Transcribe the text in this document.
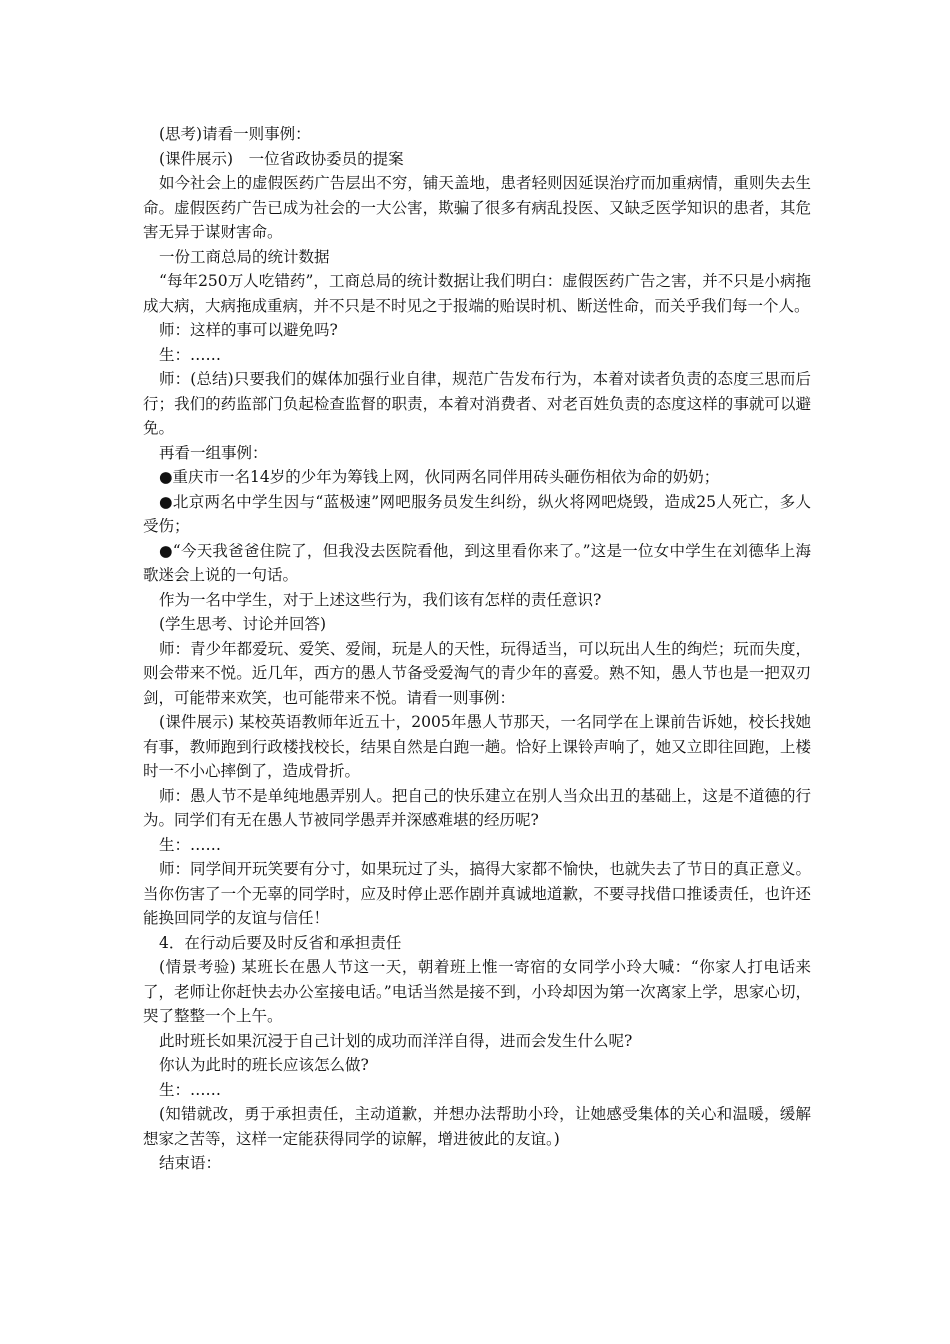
(思考)请看一则事例：

(课件展示)　一位省政协委员的提案

如今社会上的虚假医药广告层出不穷，铺天盖地，患者轻则因延误治疗而加重病情，重则失去生命。虚假医药广告已成为社会的一大公害，欺骗了很多有病乱投医、又缺乏医学知识的患者，其危害无异于谋财害命。

一份工商总局的统计数据

“每年250万人吃错药”，工商总局的统计数据让我们明白：虚假医药广告之害，并不只是小病拖成大病，大病拖成重病，并不只是不时见之于报端的贻误时机、断送性命，而关乎我们每一个人。

师：这样的事可以避免吗?

生：……

师：(总结)只要我们的媒体加强行业自律，规范广告发布行为，本着对读者负责的态度三思而后行；我们的药监部门负起检查监督的职责，本着对消费者、对老百姓负责的态度这样的事就可以避免。

再看一组事例：

●重庆市一名14岁的少年为筹钱上网，伙同两名同伴用砖头砸伤相依为命的奶奶；

●北京两名中学生因与“蓝极速”网吧服务员发生纠纷，纵火将网吧烧毁，造成25人死亡，多人受伤；

●“今天我爸爸住院了，但我没去医院看他，到这里看你来了。”这是一位女中学生在刘德华上海歌迷会上说的一句话。

作为一名中学生，对于上述这些行为，我们该有怎样的责任意识?

(学生思考、讨论并回答)

师：青少年都爱玩、爱笑、爱闹，玩是人的天性，玩得适当，可以玩出人生的绚烂；玩而失度，则会带来不悦。近几年，西方的愚人节备受爱淘气的青少年的喜爱。熟不知，愚人节也是一把双刃剑，可能带来欢笑，也可能带来不悦。请看一则事例：

(课件展示) 某校英语教师年近五十，2005年愚人节那天，一名同学在上课前告诉她，校长找她有事，教师跑到行政楼找校长，结果自然是白跑一趟。恰好上课铃声响了，她又立即往回跑，上楼时一不小心摔倒了，造成骨折。

师：愚人节不是单纯地愚弄别人。把自己的快乐建立在别人当众出丑的基础上，这是不道德的行为。同学们有无在愚人节被同学愚弄并深感难堪的经历呢?

生：……

师：同学间开玩笑要有分寸，如果玩过了头，搞得大家都不愉快，也就失去了节日的真正意义。当你伤害了一个无辜的同学时，应及时停止恶作剧并真诚地道歉，不要寻找借口推诿责任，也许还能换回同学的友谊与信任！

4．在行动后要及时反省和承担责任

(情景考验) 某班长在愚人节这一天，朝着班上惟一寄宿的女同学小玲大喊：“你家人打电话来了，老师让你赶快去办公室接电话。”电话当然是接不到，小玲却因为第一次离家上学，思家心切，哭了整整一个上午。

此时班长如果沉浸于自己计划的成功而洋洋自得，进而会发生什么呢?

你认为此时的班长应该怎么做?

生：……

(知错就改，勇于承担责任，主动道歉，并想办法帮助小玲，让她感受集体的关心和温暖，缓解想家之苦等，这样一定能获得同学的谅解，增进彼此的友谊。)

结束语：
